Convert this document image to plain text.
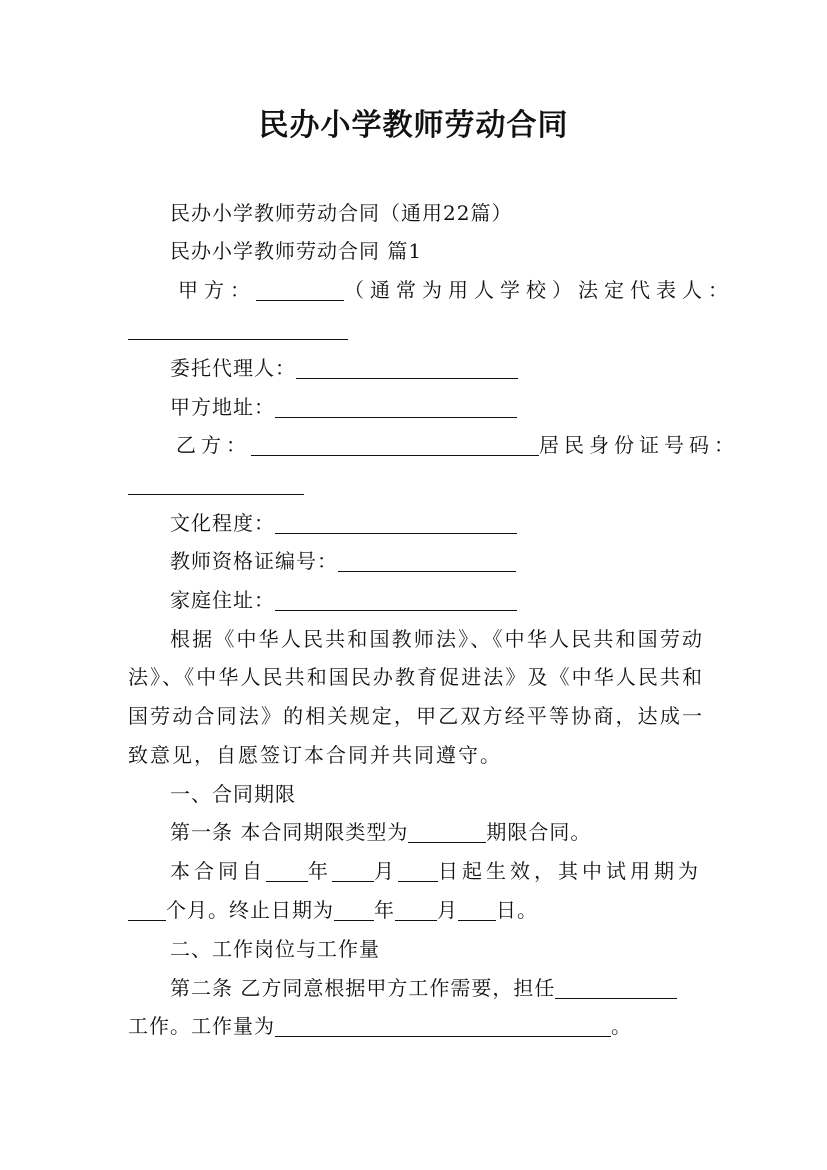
民办小学教师劳动合同
民办小学教师劳动合同（通用22篇）
民办小学教师劳动合同 篇1
甲方：	（通常为用人学校）法定代表人：
委托代理人：
甲方地址：
乙方：	居民身份证号码：
文化程度：
教师资格证编号：
家庭住址：
根据《中华人民共和国教师法》、《中华人民共和国劳动
法》、《中华人民共和国民办教育促进法》及《中华人民共和
国劳动合同法》的相关规定，甲乙双方经平等协商，达成一
致意见，自愿签订本合同并共同遵守。
一、合同期限
第一条 本合同期限类型为	期限合同。
本合同自 年 月 日起生效，其中试用期为
个月。终止日期为 年 月 日。
二、工作岗位与工作量
第二条 乙方同意根据甲方工作需要，担任
工作。工作量为	。
